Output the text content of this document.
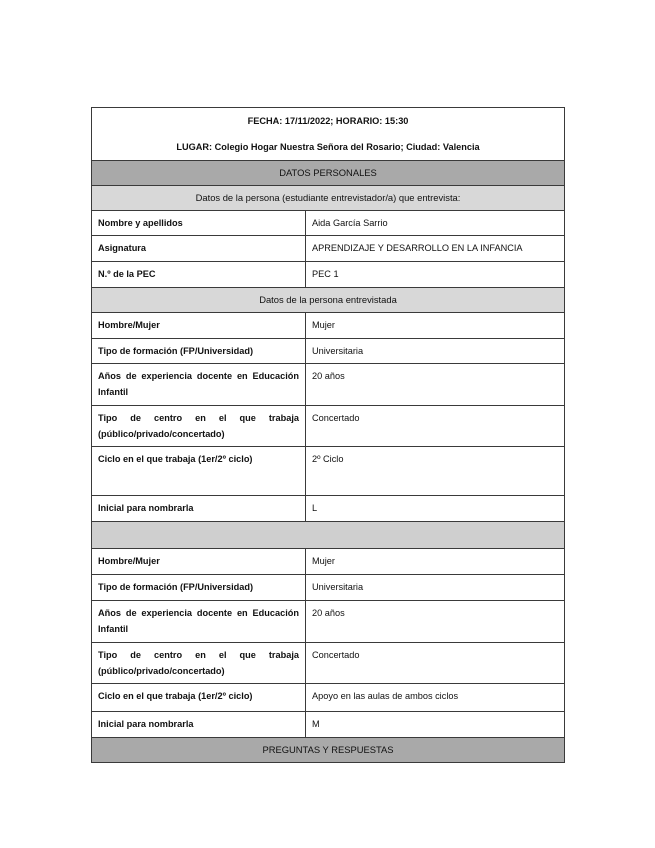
FECHA: 17/11/2022; HORARIO: 15:30
LUGAR: Colegio Hogar Nuestra Señora del Rosario; Ciudad: Valencia	

DATOS PERSONALES	
Datos de la persona (estudiante entrevistador/a) que entrevista:	
Nombre y apellidos	Aida García Sarrio
Asignatura	APRENDIZAJE Y DESARROLLO EN LA INFANCIA
N.º de la PEC	PEC 1
Datos de la persona entrevistada	
Hombre/Mujer	Mujer
Tipo de formación (FP/Universidad)	Universitaria
Años de experiencia docente en Educación Infantil	20 años
Tipo de centro en el que trabaja (público/privado/concertado)	Concertado
Ciclo en el que trabaja (1er/2º ciclo)	2º Ciclo
Inicial para nombrarla	L

Hombre/Mujer	Mujer
Tipo de formación (FP/Universidad)	Universitaria
Años de experiencia docente en Educación Infantil	20 años
Tipo de centro en el que trabaja (público/privado/concertado)	Concertado
Ciclo en el que trabaja (1er/2º ciclo)	Apoyo en las aulas de ambos ciclos
Inicial para nombrarla	M
PREGUNTAS Y RESPUESTAS	
